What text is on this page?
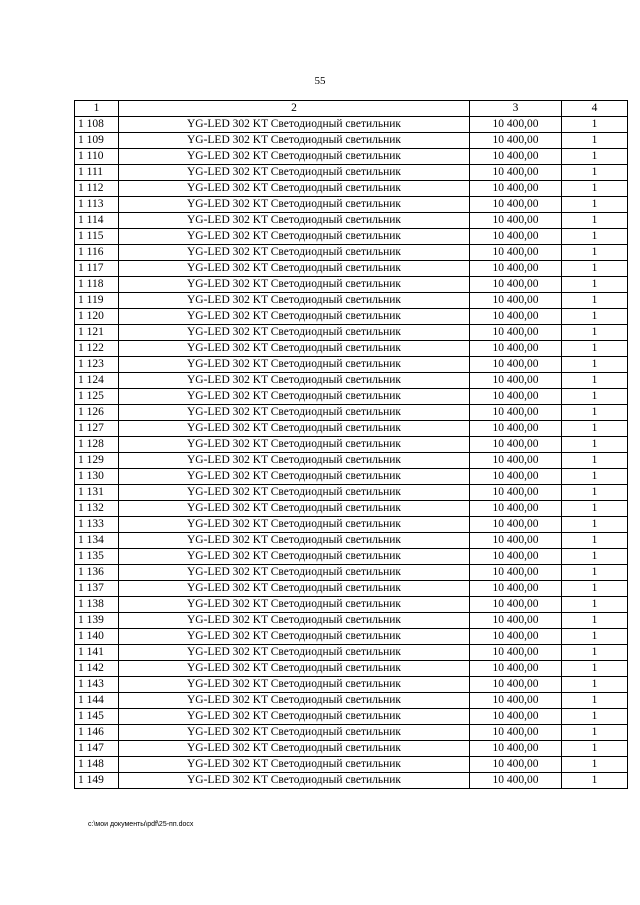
55
1	2	3	4
1 108	YG-LED 302 KT Светодиодный светильник	10 400,00	1
1 109	YG-LED 302 KT Светодиодный светильник	10 400,00	1
1 110	YG-LED 302 KT Светодиодный светильник	10 400,00	1
1 111	YG-LED 302 KT Светодиодный светильник	10 400,00	1
1 112	YG-LED 302 KT Светодиодный светильник	10 400,00	1
1 113	YG-LED 302 KT Светодиодный светильник	10 400,00	1
1 114	YG-LED 302 KT Светодиодный светильник	10 400,00	1
1 115	YG-LED 302 KT Светодиодный светильник	10 400,00	1
1 116	YG-LED 302 KT Светодиодный светильник	10 400,00	1
1 117	YG-LED 302 KT Светодиодный светильник	10 400,00	1
1 118	YG-LED 302 KT Светодиодный светильник	10 400,00	1
1 119	YG-LED 302 KT Светодиодный светильник	10 400,00	1
1 120	YG-LED 302 KT Светодиодный светильник	10 400,00	1
1 121	YG-LED 302 KT Светодиодный светильник	10 400,00	1
1 122	YG-LED 302 KT Светодиодный светильник	10 400,00	1
1 123	YG-LED 302 KT Светодиодный светильник	10 400,00	1
1 124	YG-LED 302 KT Светодиодный светильник	10 400,00	1
1 125	YG-LED 302 KT Светодиодный светильник	10 400,00	1
1 126	YG-LED 302 KT Светодиодный светильник	10 400,00	1
1 127	YG-LED 302 KT Светодиодный светильник	10 400,00	1
1 128	YG-LED 302 KT Светодиодный светильник	10 400,00	1
1 129	YG-LED 302 KT Светодиодный светильник	10 400,00	1
1 130	YG-LED 302 KT Светодиодный светильник	10 400,00	1
1 131	YG-LED 302 KT Светодиодный светильник	10 400,00	1
1 132	YG-LED 302 KT Светодиодный светильник	10 400,00	1
1 133	YG-LED 302 KT Светодиодный светильник	10 400,00	1
1 134	YG-LED 302 KT Светодиодный светильник	10 400,00	1
1 135	YG-LED 302 KT Светодиодный светильник	10 400,00	1
1 136	YG-LED 302 KT Светодиодный светильник	10 400,00	1
1 137	YG-LED 302 KT Светодиодный светильник	10 400,00	1
1 138	YG-LED 302 KT Светодиодный светильник	10 400,00	1
1 139	YG-LED 302 KT Светодиодный светильник	10 400,00	1
1 140	YG-LED 302 KT Светодиодный светильник	10 400,00	1
1 141	YG-LED 302 KT Светодиодный светильник	10 400,00	1
1 142	YG-LED 302 KT Светодиодный светильник	10 400,00	1
1 143	YG-LED 302 KT Светодиодный светильник	10 400,00	1
1 144	YG-LED 302 KT Светодиодный светильник	10 400,00	1
1 145	YG-LED 302 KT Светодиодный светильник	10 400,00	1
1 146	YG-LED 302 KT Светодиодный светильник	10 400,00	1
1 147	YG-LED 302 KT Светодиодный светильник	10 400,00	1
1 148	YG-LED 302 KT Светодиодный светильник	10 400,00	1
1 149	YG-LED 302 KT Светодиодный светильник	10 400,00	1
c:\мои документы\pdf\25-пп.docx
